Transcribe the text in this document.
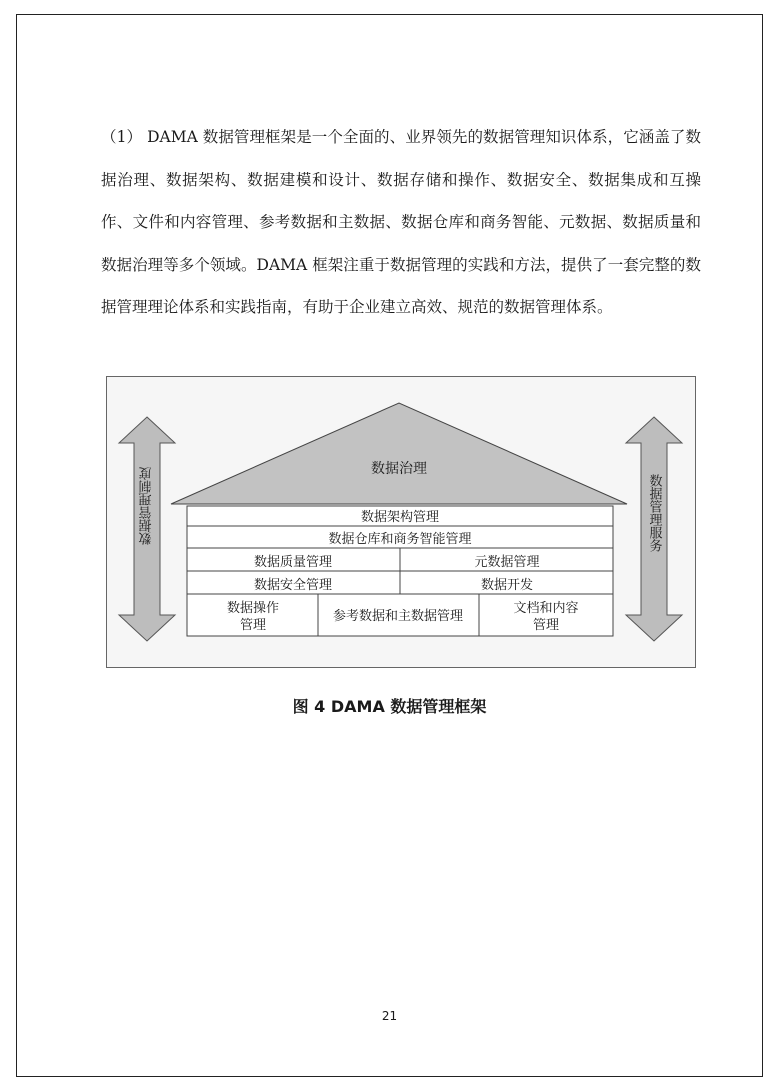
（1） DAMA 数据管理框架是一个全面的、业界领先的数据管理知识体系，它涵盖了数据治理、数据架构、数据建模和设计、数据存储和操作、数据安全、数据集成和互操作、文件和内容管理、参考数据和主数据、数据仓库和商务智能、元数据、数据质量和数据治理等多个领域。DAMA 框架注重于数据管理的实践和方法，提供了一套完整的数据管理理论体系和实践指南，有助于企业建立高效、规范的数据管理体系。

数据管理制度	数据管理服务
数据治理
数据架构管理
数据仓库和商务智能管理
数据质量管理	元数据管理
数据安全管理	数据开发
数据操作
管理
参考数据和主数据管理
文档和内容
管理
图 4 DAMA 数据管理框架
21
